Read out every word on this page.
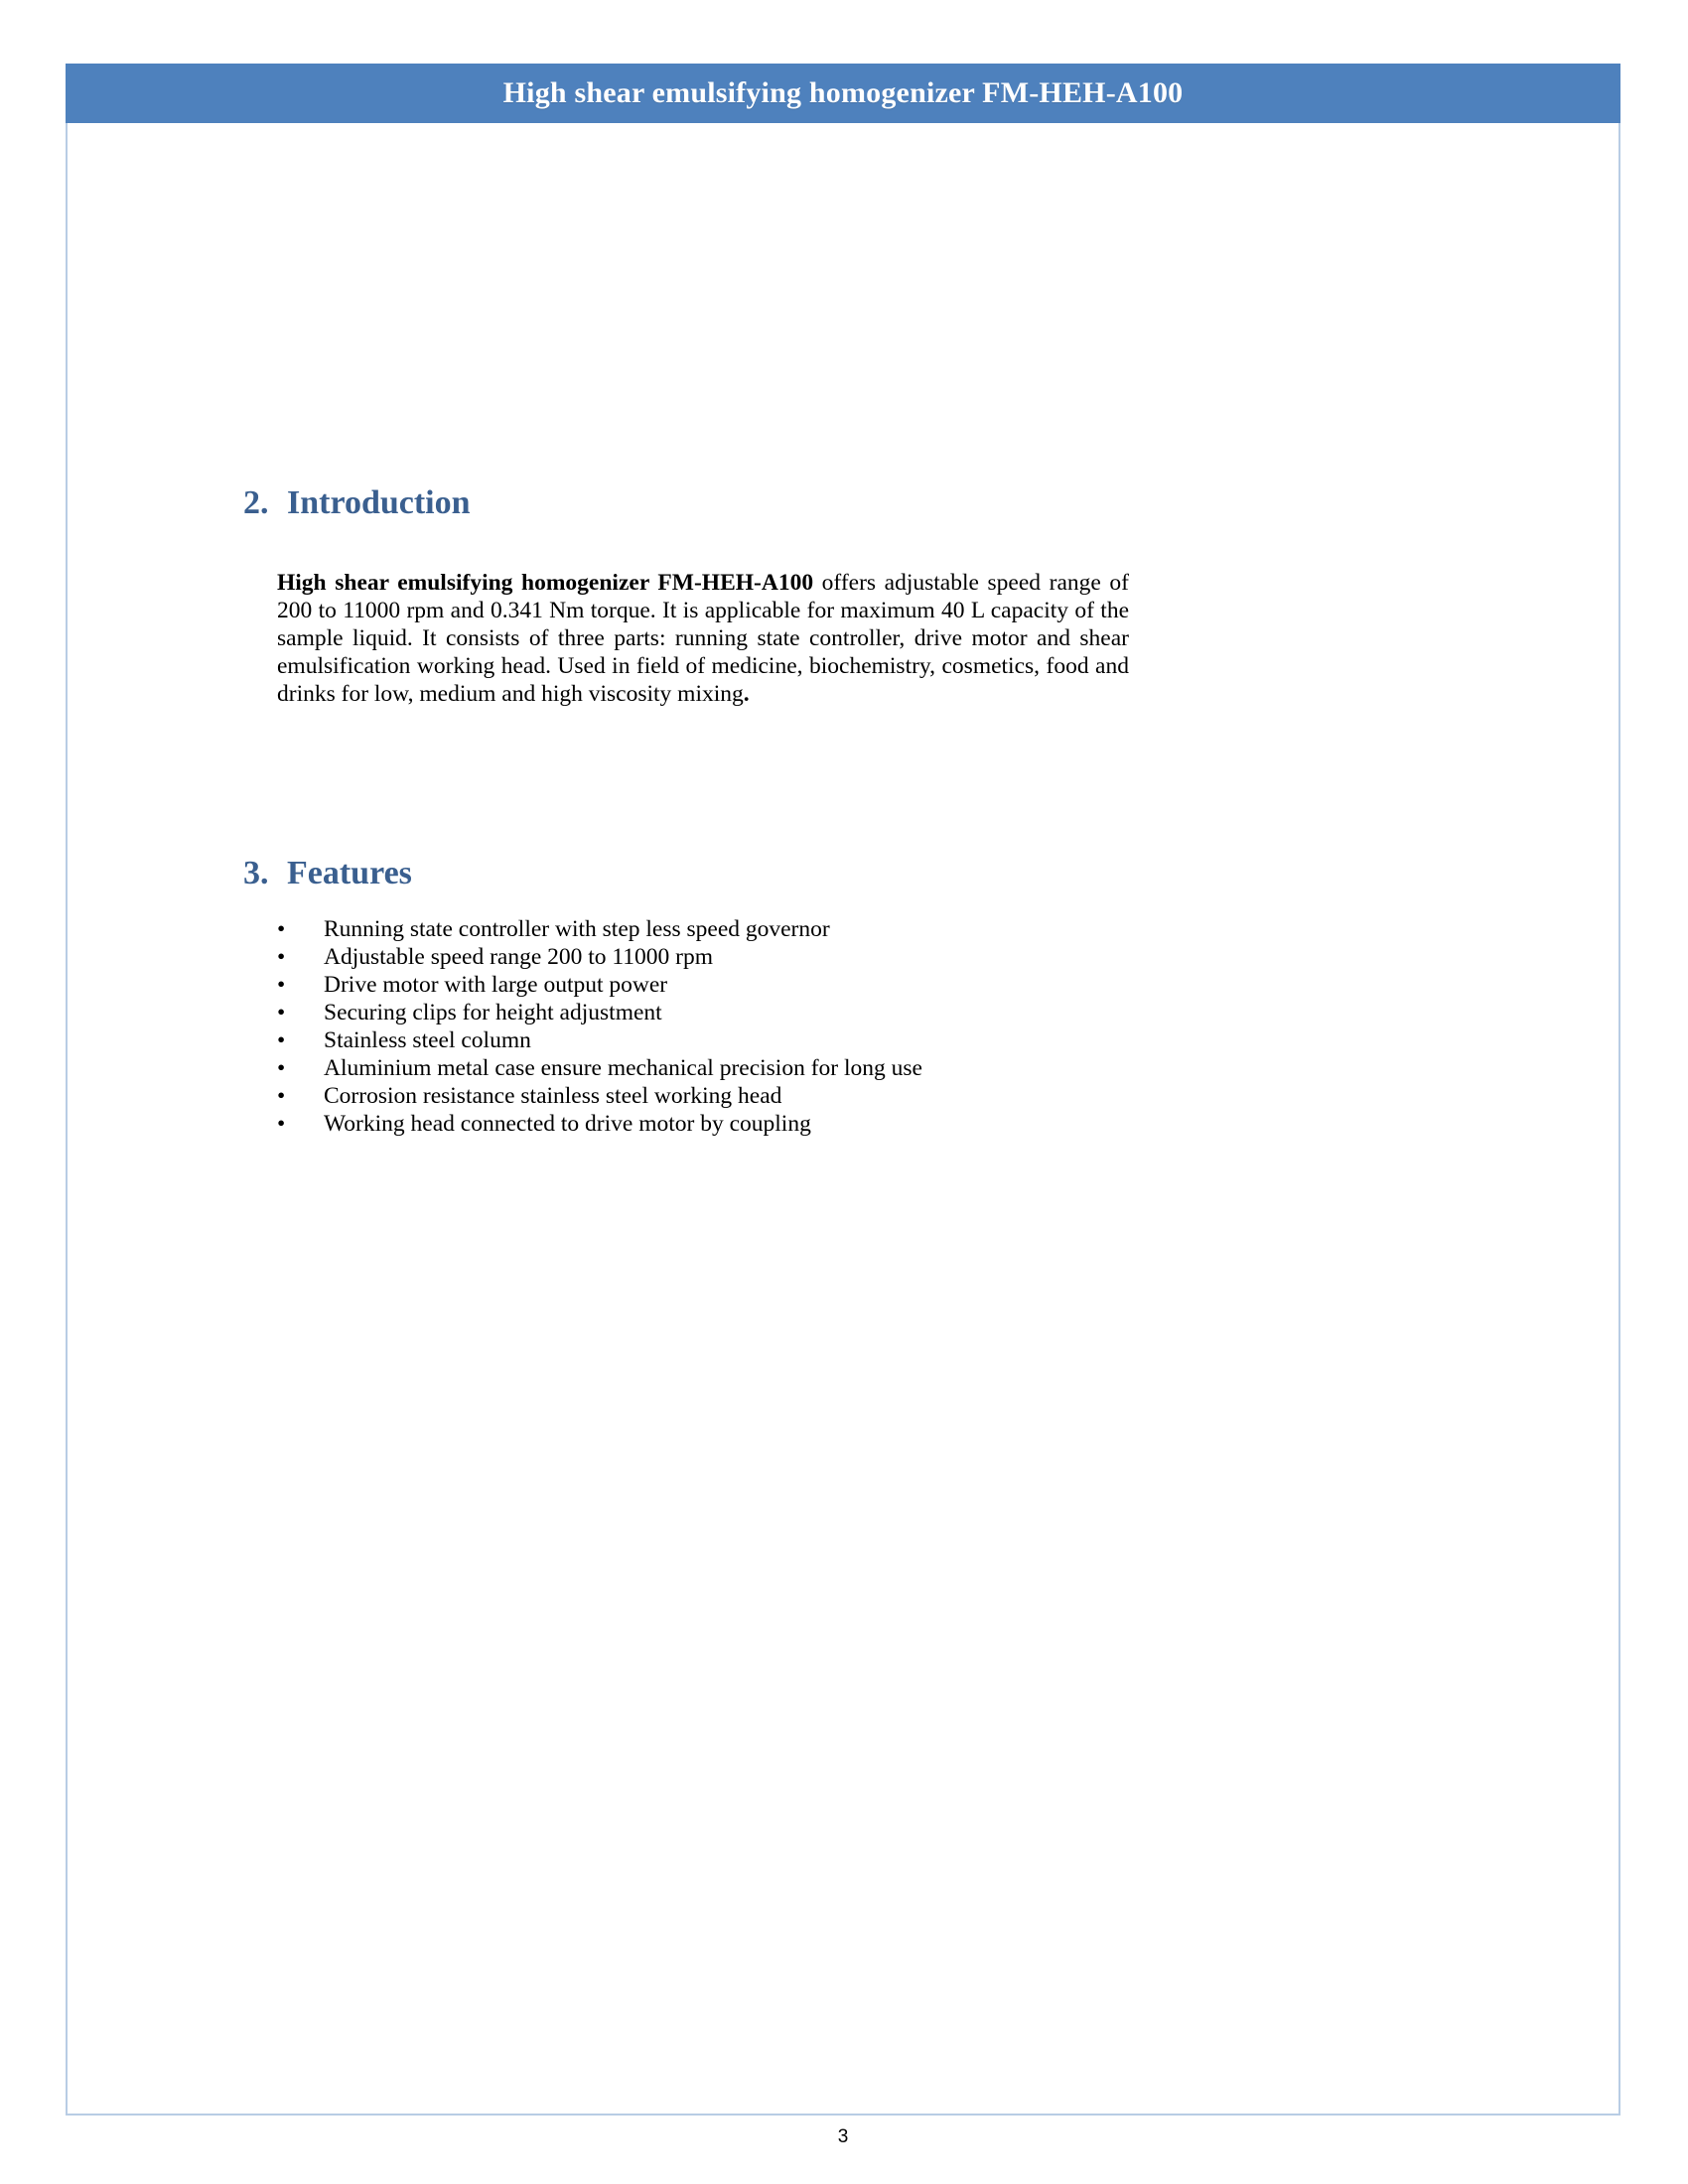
High shear emulsifying homogenizer FM-HEH-A100
2. Introduction

High shear emulsifying homogenizer FM-HEH-A100 offers adjustable speed range of 200 to 11000 rpm and 0.341 Nm torque. It is applicable for maximum 40 L capacity of the sample liquid. It consists of three parts: running state controller, drive motor and shear emulsification working head. Used in field of medicine, biochemistry, cosmetics, food and drinks for low, medium and high viscosity mixing.

3. Features
•	Running state controller with step less speed governor
•	Adjustable speed range 200 to 11000 rpm
•	Drive motor with large output power
•	Securing clips for height adjustment
•	Stainless steel column
•	Aluminium metal case ensure mechanical precision for long use
•	Corrosion resistance stainless steel working head
•	Working head connected to drive motor by coupling
3
